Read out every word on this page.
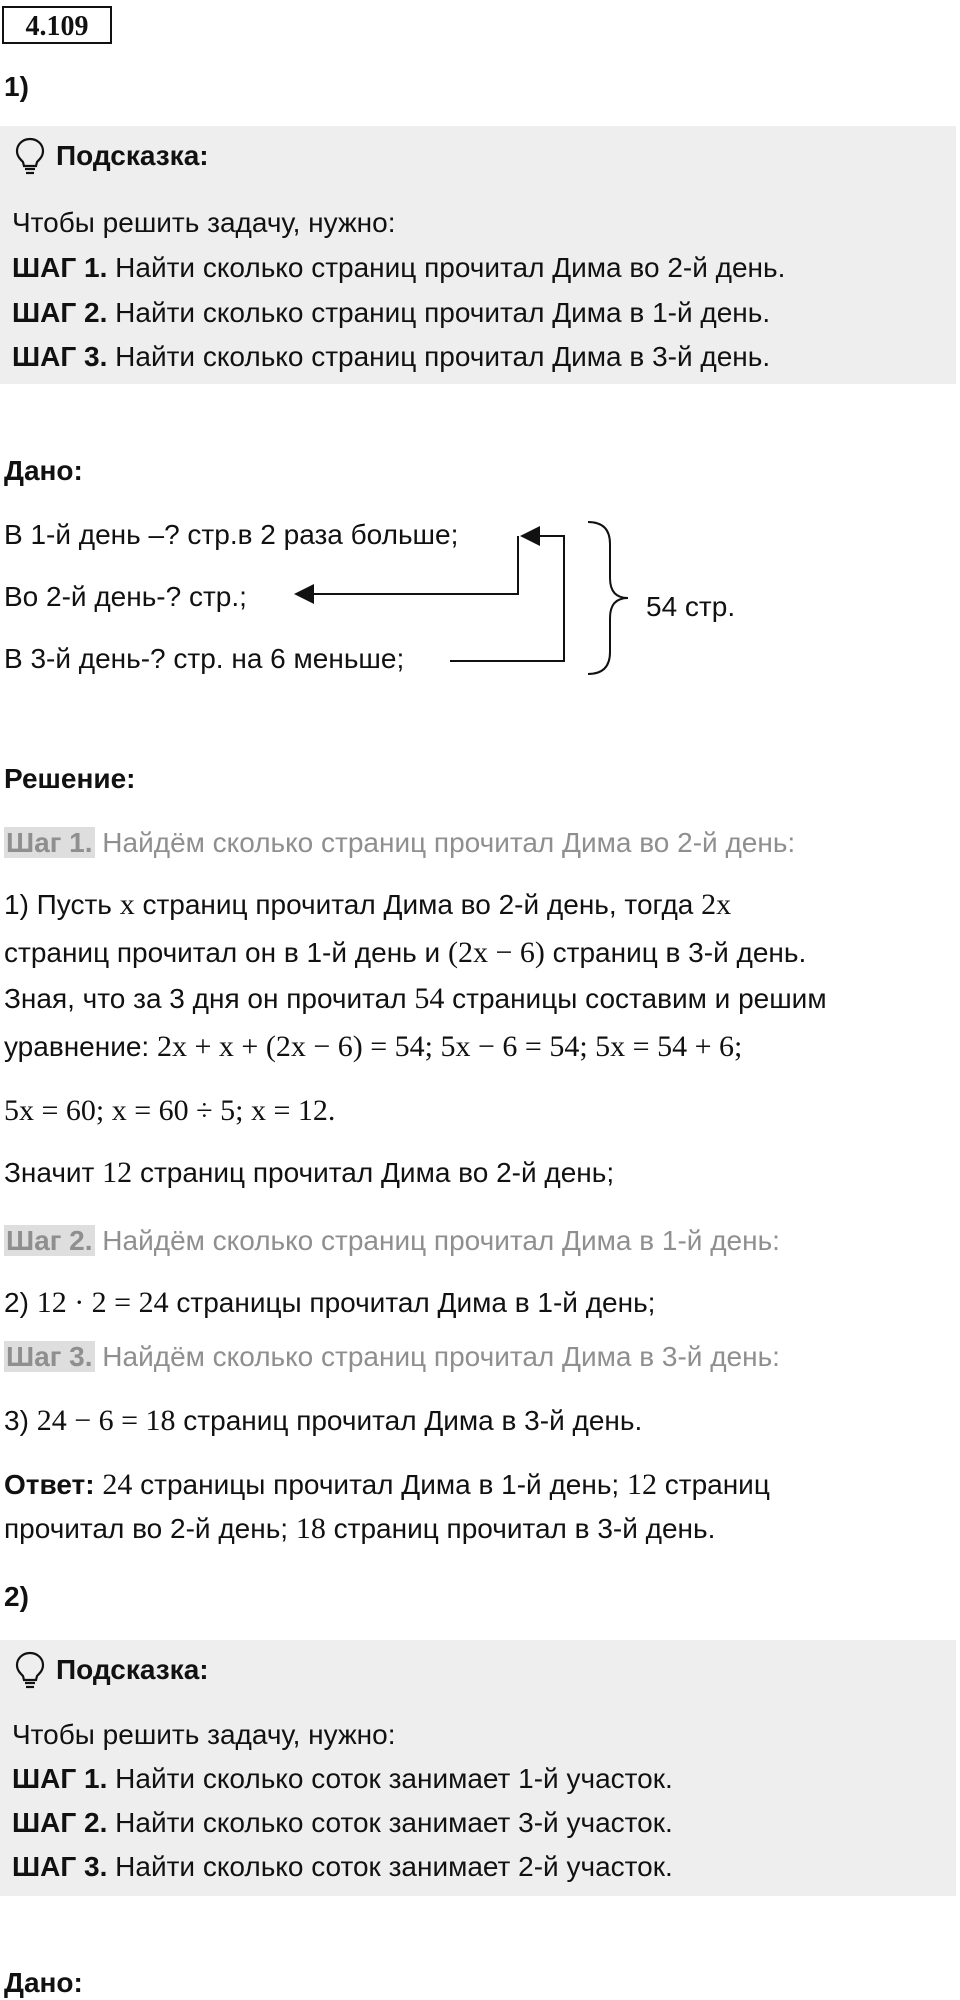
4.109
1)
Подсказка:
Чтобы решить задачу, нужно:
ШАГ 1. Найти сколько страниц прочитал Дима во 2-й день.
ШАГ 2. Найти сколько страниц прочитал Дима в 1-й день.
ШАГ 3. Найти сколько страниц прочитал Дима в 3-й день.
Дано:
В 1-й день –? стр.в 2 раза больше;
Во 2-й день-? стр.;
В 3-й день-? стр. на 6 меньше;
54 стр.
Решение:
Шаг 1. Найдём сколько страниц прочитал Дима во 2-й день:
1) Пусть x страниц прочитал Дима во 2-й день, тогда 2x
страниц прочитал он в 1-й день и (2x − 6) страниц в 3-й день.
Зная, что за 3 дня он прочитал 54 страницы составим и решим
уравнение: 2x + x + (2x − 6) = 54; 5x − 6 = 54; 5x = 54 + 6;
5x = 60; x = 60 ÷ 5; x = 12.
Значит 12 страниц прочитал Дима во 2-й день;
Шаг 2. Найдём сколько страниц прочитал Дима в 1-й день:
2) 12 · 2 = 24 страницы прочитал Дима в 1-й день;
Шаг 3. Найдём сколько страниц прочитал Дима в 3-й день:
3) 24 − 6 = 18 страниц прочитал Дима в 3-й день.
Ответ: 24 страницы прочитал Дима в 1-й день; 12 страниц
прочитал во 2-й день; 18 страниц прочитал в 3-й день.
2)
Подсказка:
Чтобы решить задачу, нужно:
ШАГ 1. Найти сколько соток занимает 1-й участок.
ШАГ 2. Найти сколько соток занимает 3-й участок.
ШАГ 3. Найти сколько соток занимает 2-й участок.
Дано:
